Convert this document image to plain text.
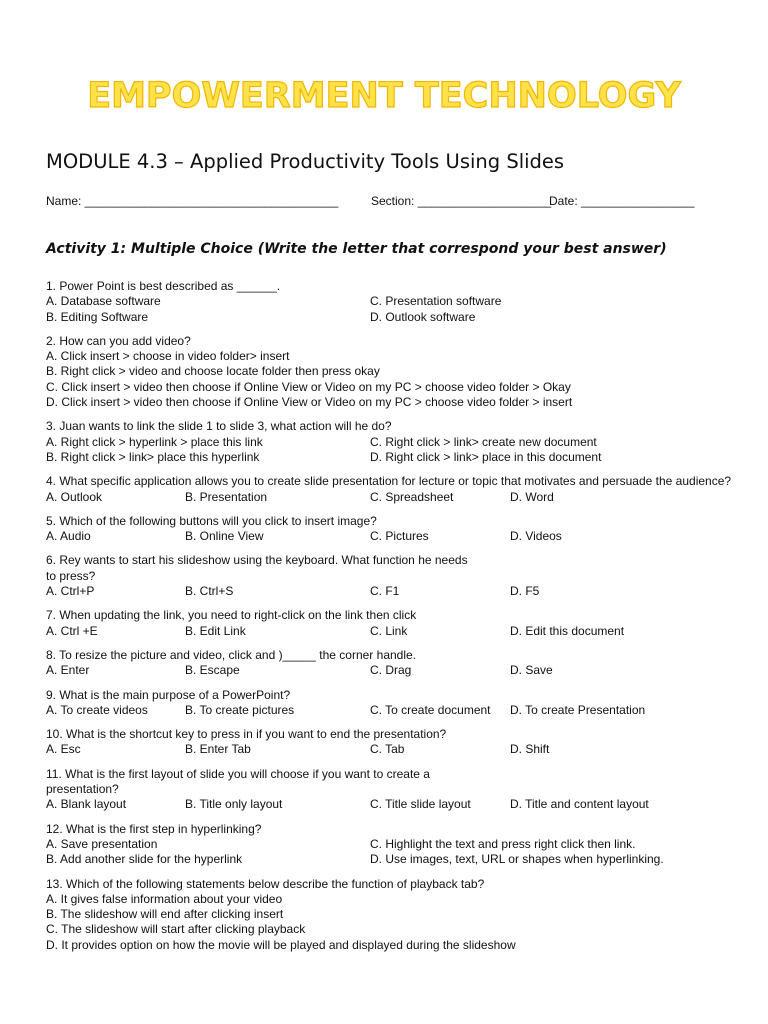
EMPOWERMENT TECHNOLOGY
MODULE 4.3 – Applied Productivity Tools Using Slides
Name: ______________________________________	Section: ____________________
Date: _________________
Activity 1: Multiple Choice (Write the letter that correspond your best answer)
1. Power Point is best described as ______.
A. Database software	C. Presentation software
B. Editing Software	D. Outlook software
2. How can you add video?
A. Click insert > choose in video folder> insert
B. Right click > video and choose locate folder then press okay
C. Click insert > video then choose if Online View or Video on my PC > choose video folder > Okay
D. Click insert > video then choose if Online View or Video on my PC > choose video folder > insert
3. Juan wants to link the slide 1 to slide 3, what action will he do?
A. Right click > hyperlink > place this link	C. Right click > link> create new document
B. Right click > link> place this hyperlink	D. Right click > link> place in this document
4. What specific application allows you to create slide presentation for lecture or topic that motivates and persuade the audience?
A. Outlook	B. Presentation	C. Spreadsheet	D. Word
5. Which of the following buttons will you click to insert image?
A. Audio	B. Online View	C. Pictures	D. Videos
6. Rey wants to start his slideshow using the keyboard. What function he needs
to press?
A. Ctrl+P	B. Ctrl+S	C. F1	D. F5
7. When updating the link, you need to right-click on the link then click
A. Ctrl +E	B. Edit Link	C. Link	D. Edit this document
8. To resize the picture and video, click and )_____ the corner handle.
A. Enter	B. Escape	C. Drag	D. Save
9. What is the main purpose of a PowerPoint?
A. To create videos	B. To create pictures	C. To create document D. To create Presentation
10. What is the shortcut key to press in if you want to end the presentation?
A. Esc	B. Enter Tab	C. Tab	D. Shift
11. What is the first layout of slide you will choose if you want to create a
presentation?
A. Blank layout	B. Title only layout	C. Title slide layout	D. Title and content layout
12. What is the first step in hyperlinking?
A. Save presentation	C. Highlight the text and press right click then link.
B. Add another slide for the hyperlink	D. Use images, text, URL or shapes when hyperlinking.
13. Which of the following statements below describe the function of playback tab?
A. It gives false information about your video
B. The slideshow will end after clicking insert
C. The slideshow will start after clicking playback
D. It provides option on how the movie will be played and displayed during the slideshow
